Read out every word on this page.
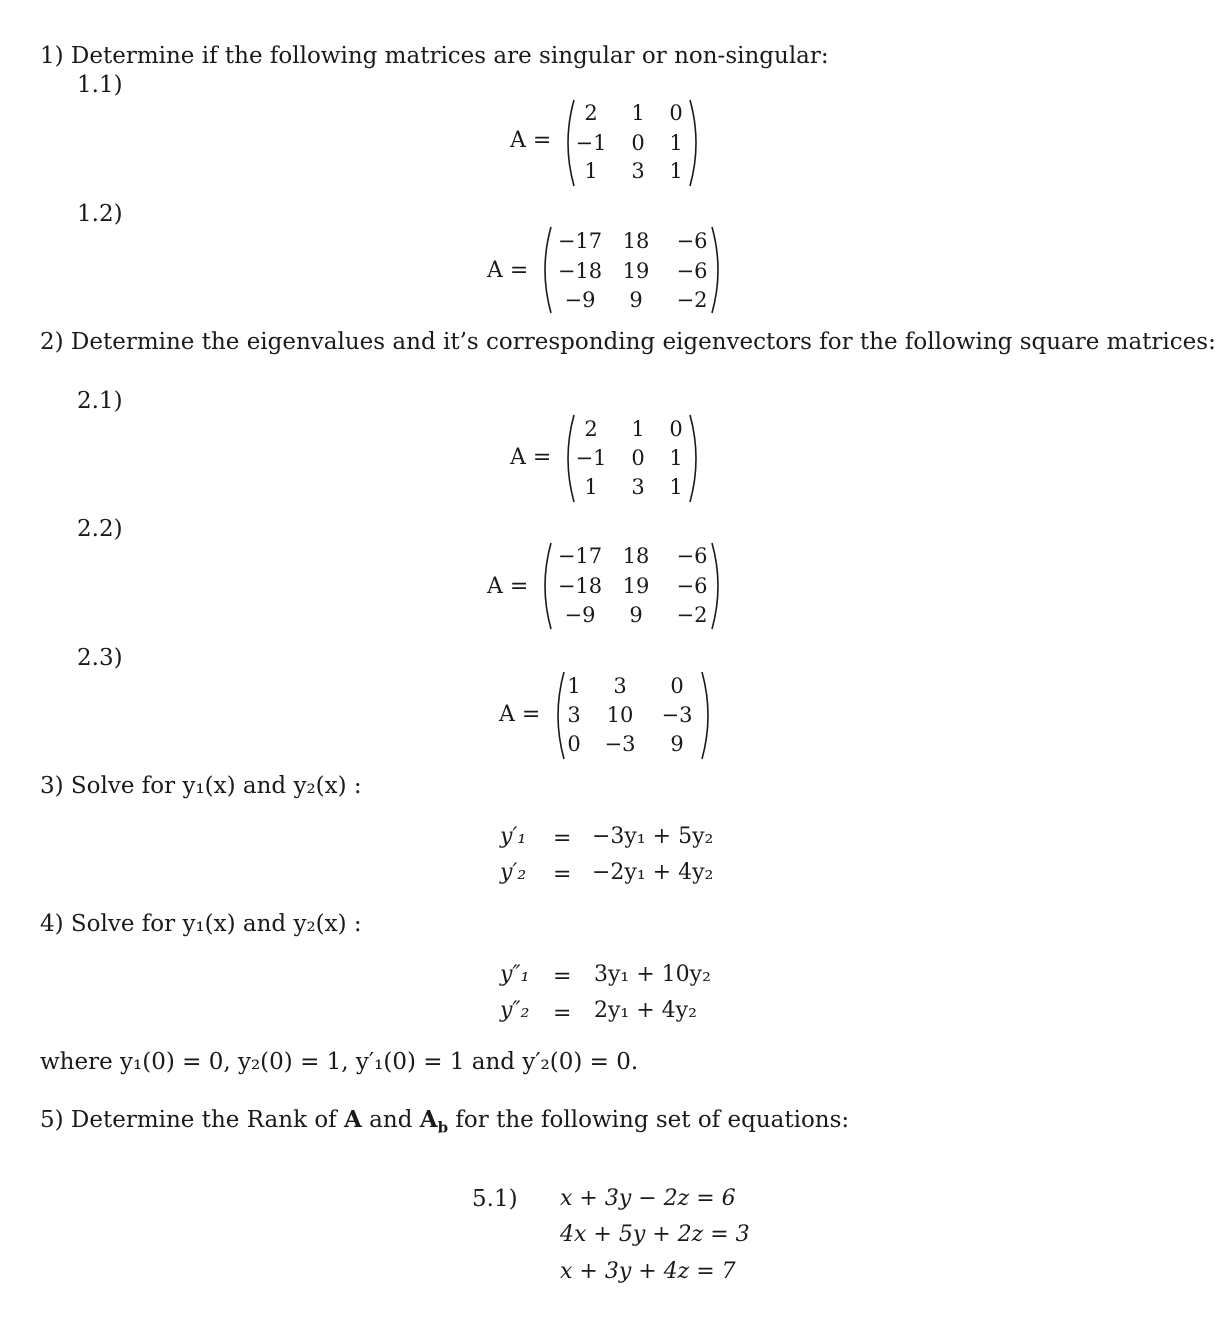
1) Determine if the following matrices are singular or non-singular:
1.1)
A =
2 1 0
−1 0 1
1 3 1
1.2)
A =
−17 18 −6
−18 19 −6
−9 9 −2
2) Determine the eigenvalues and it’s corresponding eigenvectors for the following square matrices:
2.1)
A =
2 1 0
−1 0 1
1 3 1
2.2)
A =
−17 18 −6
−18 19 −6
−9 9 −2
2.3)
A =
1 3 0
3 10 −3
0 −3 9
3) Solve for y₁(x) and y₂(x) :
y′₁ = −3y₁ + 5y₂
y′₂ = −2y₁ + 4y₂
4) Solve for y₁(x) and y₂(x) :
y″₁ = 3y₁ + 10y₂
y″₂ = 2y₁ + 4y₂
where y₁(0) = 0, y₂(0) = 1, y′₁(0) = 1 and y′₂(0) = 0.
5) Determine the Rank of A and $A_b$ for the following set of equations:
5.1) x + 3y − 2z = 6
4x + 5y + 2z = 3
x + 3y + 4z = 7
